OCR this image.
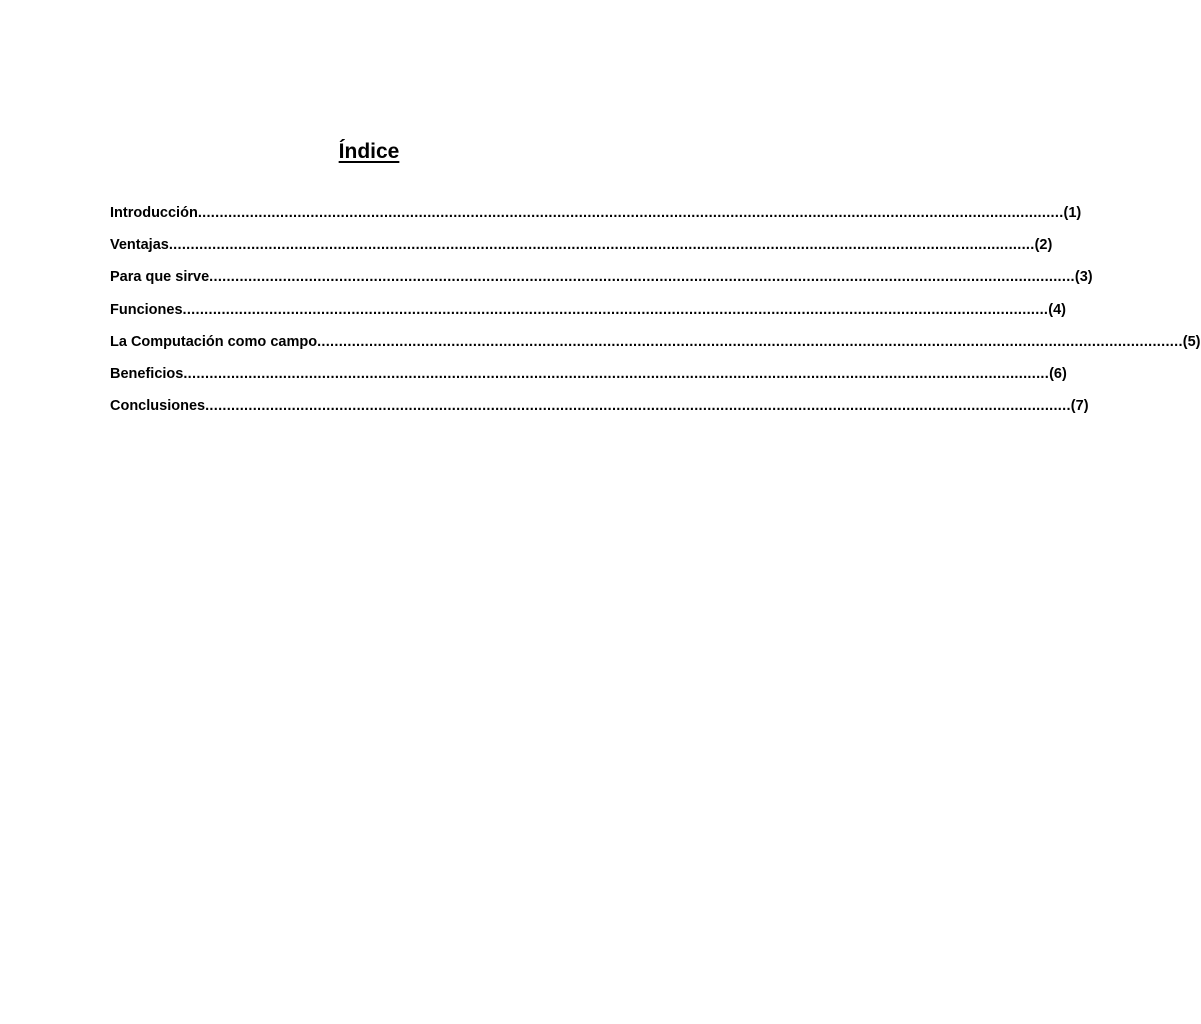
Índice
Introducción ........................................................................................................................................................................................................ (1)
Ventajas ........................................................................................................................................................................................................ (2)
Para que sirve ........................................................................................................................................................................................................ (3)
Funciones ........................................................................................................................................................................................................ (4)
La Computación como campo ........................................................................................................................................................................................................ (5)
Beneficios ........................................................................................................................................................................................................ (6)
Conclusiones ........................................................................................................................................................................................................ (7)
